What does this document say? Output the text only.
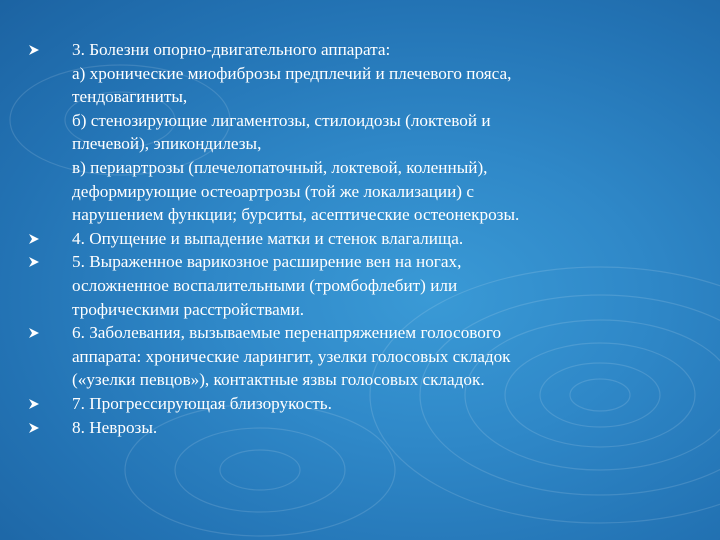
3. Болезни опорно-двигательного аппарата:
а) хронические миофиброзы предплечий и плечевого пояса,
тендовагиниты,
б) стенозирующие лигаментозы, стилоидозы (локтевой и
плечевой), эпикондилезы,
в) периартрозы (плечелопаточный, локтевой, коленный),
деформирующие остеоартрозы (той же локализации) с
нарушением функции; бурситы, асептические остеонекрозы.
4. Опущение и выпадение матки и стенок влагалища.
5. Выраженное варикозное расширение вен на ногах,
осложненное воспалительными (тромбофлебит) или
трофическими расстройствами.
6. Заболевания, вызываемые перенапряжением голосового
аппарата: хронические ларингит, узелки голосовых складок
(«узелки певцов»), контактные язвы голосовых складок.
7. Прогрессирующая близорукость.
8. Неврозы.
